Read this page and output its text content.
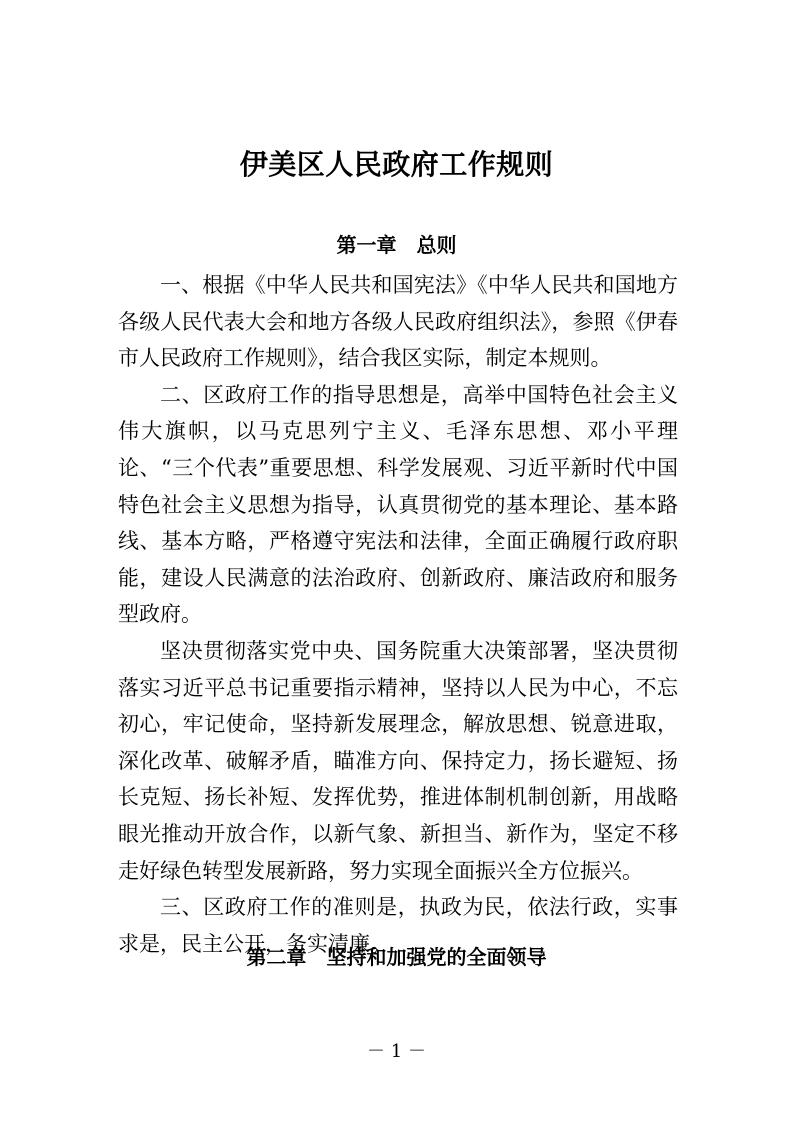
伊美区人民政府工作规则
第一章　总则

一、根据《中华人民共和国宪法》《中华人民共和国地方各级人民代表大会和地方各级人民政府组织法》，参照《伊春市人民政府工作规则》，结合我区实际，制定本规则。

二、区政府工作的指导思想是，高举中国特色社会主义伟大旗帜，以马克思列宁主义、毛泽东思想、邓小平理论、“三个代表”重要思想、科学发展观、习近平新时代中国特色社会主义思想为指导，认真贯彻党的基本理论、基本路线、基本方略，严格遵守宪法和法律，全面正确履行政府职能，建设人民满意的法治政府、创新政府、廉洁政府和服务型政府。

坚决贯彻落实党中央、国务院重大决策部署，坚决贯彻落实习近平总书记重要指示精神，坚持以人民为中心，不忘初心，牢记使命，坚持新发展理念，解放思想、锐意进取，深化改革、破解矛盾，瞄准方向、保持定力，扬长避短、扬长克短、扬长补短、发挥优势，推进体制机制创新，用战略眼光推动开放合作，以新气象、新担当、新作为，坚定不移走好绿色转型发展新路，努力实现全面振兴全方位振兴。

三、区政府工作的准则是，执政为民，依法行政，实事求是，民主公开，务实清廉。

第二章　坚持和加强党的全面领导
－ 1 －
